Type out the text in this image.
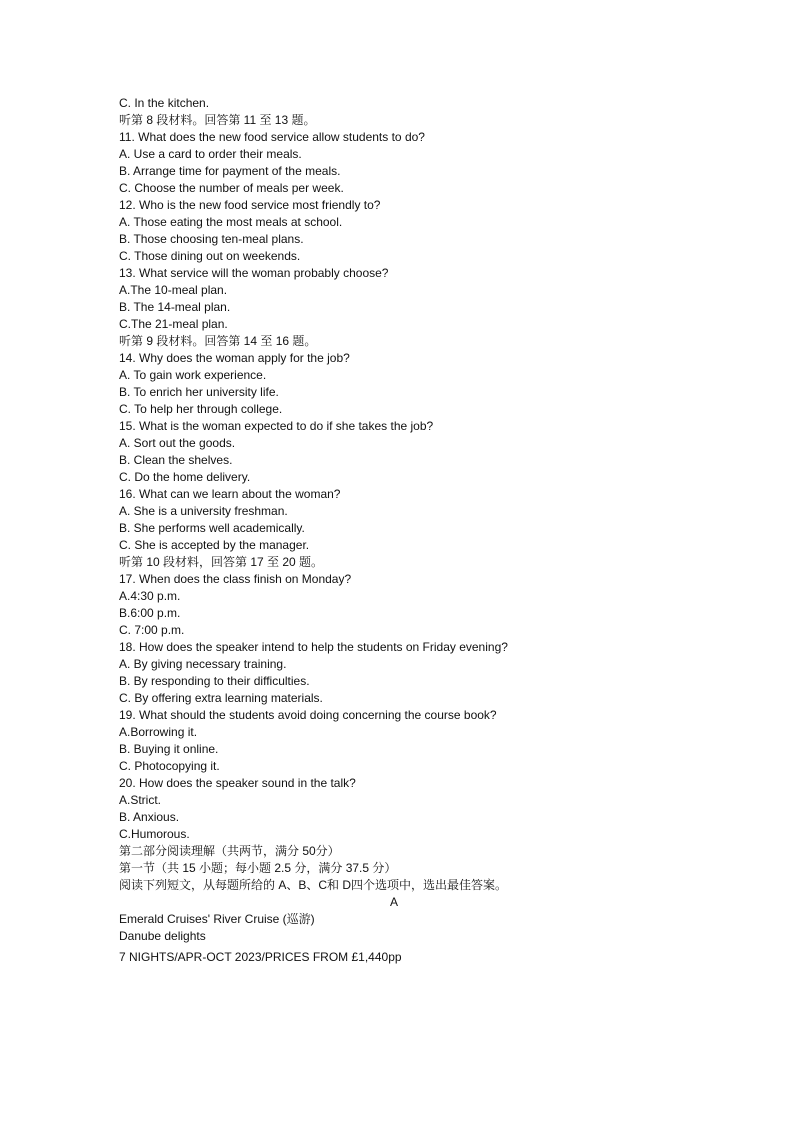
C. In the kitchen.
听第 8 段材料。回答第 11 至 13 题。
11. What does the new food service allow students to do?
A. Use a card to order their meals.
B. Arrange time for payment of the meals.
C. Choose the number of meals per week.
12. Who is the new food service most friendly to?
A. Those eating the most meals at school.
B. Those choosing ten-meal plans.
C. Those dining out on weekends.
13. What service will the woman probably choose?
A.The 10-meal plan.
B. The 14-meal plan.
C.The 21-meal plan.
听第 9 段材料。回答第 14 至 16 题。
14. Why does the woman apply for the job?
A. To gain work experience.
B. To enrich her university life.
C. To help her through college.
15. What is the woman expected to do if she takes the job?
A. Sort out the goods.
B. Clean the shelves.
C. Do the home delivery.
16. What can we learn about the woman?
A. She is a university freshman.
B. She performs well academically.
C. She is accepted by the manager.
听第 10 段材料，回答第 17 至 20 题。
17. When does the class finish on Monday?
A.4:30 p.m.
B.6:00 p.m.
C. 7:00 p.m.
18. How does the speaker intend to help the students on Friday evening?
A. By giving necessary training.
B. By responding to their difficulties.
C. By offering extra learning materials.
19. What should the students avoid doing concerning the course book?
A.Borrowing it.
B. Buying it online.
C. Photocopying it.
20. How does the speaker sound in the talk?
A.Strict.
B. Anxious.
C.Humorous.
第二部分阅读理解（共两节，满分 50分）
第一节（共 15 小题；每小题 2.5 分，满分 37.5 分）
阅读下列短文，从每题所给的 A、B、C和 D四个选项中，选出最佳答案。
A
Emerald Cruises' River Cruise (巡游)
Danube delights
7 NIGHTS/APR-OCT 2023/PRICES FROM £1,440pp
